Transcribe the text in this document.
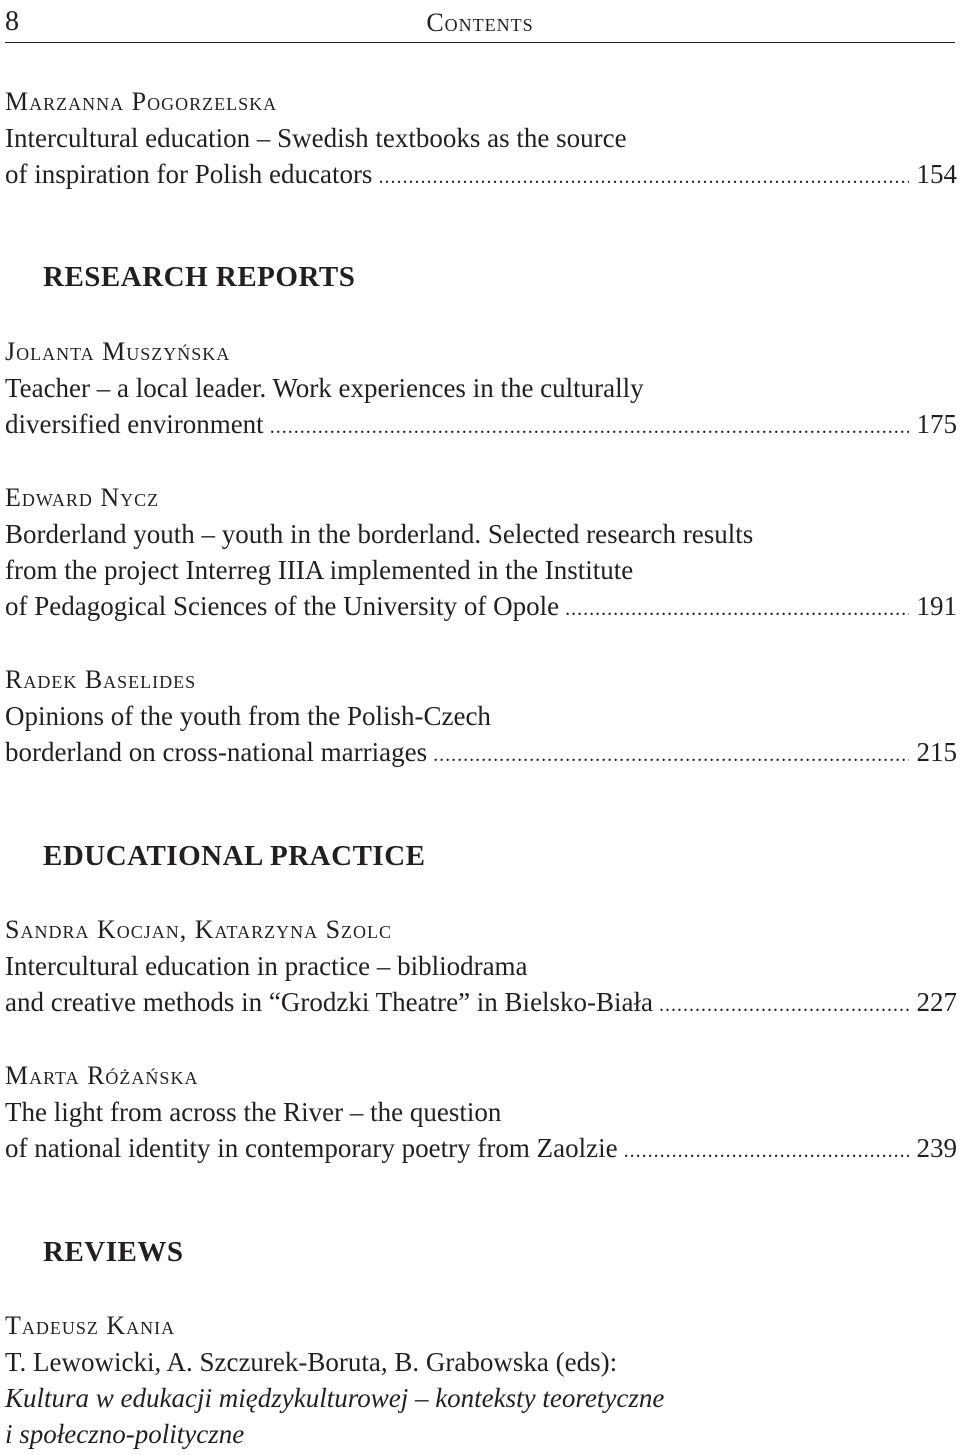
8	Contents
Marzanna Pogorzelska
Intercultural education – Swedish textbooks as the source
of inspiration for Polish educators .....	154
RESEARCH REPORTS
Jolanta Muszyńska
Teacher – a local leader. Work experiences in the culturally
diversified environment .....	175
Edward Nycz
Borderland youth – youth in the borderland. Selected research results
from the project Interreg IIIA implemented in the Institute
of Pedagogical Sciences of the University of Opole .....	191
Radek Baselides
Opinions of the youth from the Polish-Czech
borderland on cross-national marriages .....	215
EDUCATIONAL PRACTICE
Sandra Kocjan, Katarzyna Szolc
Intercultural education in practice – bibliodrama
and creative methods in “Grodzki Theatre” in Bielsko-Biała .....	227
Marta Różańska
The light from across the River – the question
of national identity in contemporary poetry from Zaolzie .....	239
REVIEWS
Tadeusz Kania
T. Lewowicki, A. Szczurek-Boruta, B. Grabowska (eds):
Kultura w edukacji międzykulturowej – konteksty teoretyczne
i społeczno-polityczne
